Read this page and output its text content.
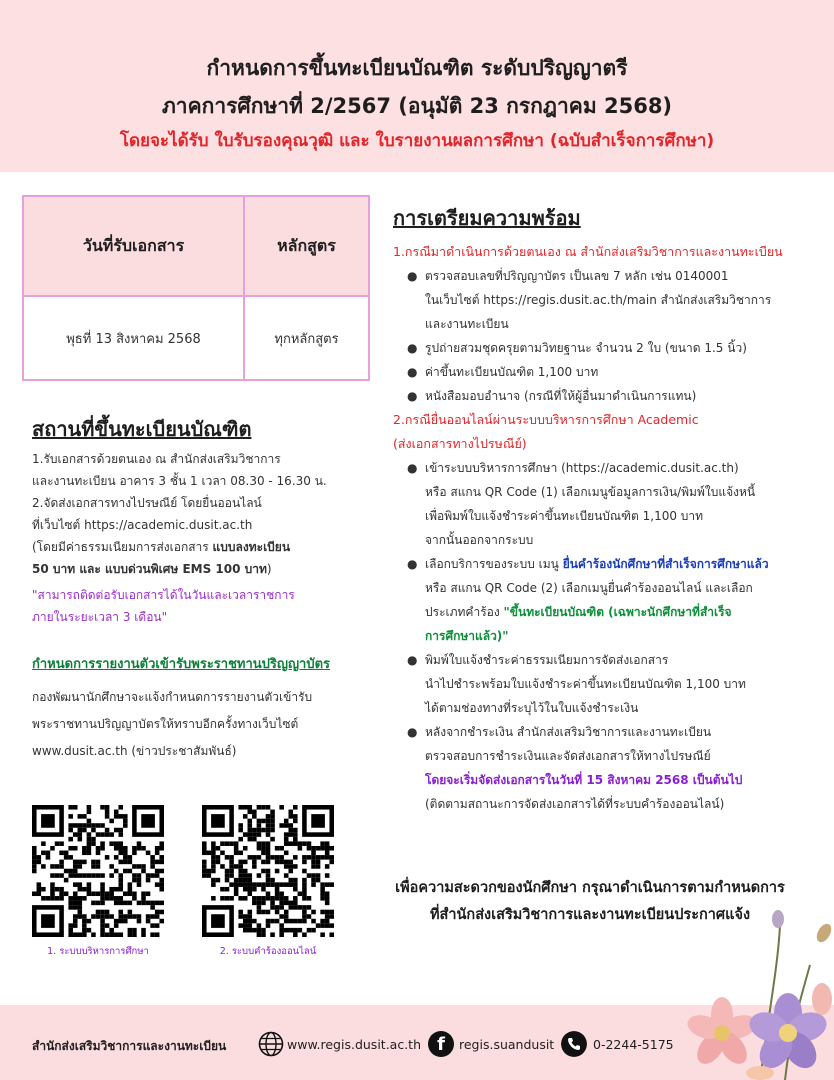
กำหนดการขึ้นทะเบียนบัณฑิต ระดับปริญญาตรี
ภาคการศึกษาที่ 2/2567 (อนุมัติ 23 กรกฎาคม 2568)
โดยจะได้รับ ใบรับรองคุณวุฒิ และ ใบรายงานผลการศึกษา (ฉบับสำเร็จการศึกษา)
วันที่รับเอกสาร	หลักสูตร
พุธที่ 13 สิงหาคม 2568	ทุกหลักสูตร
สถานที่ขึ้นทะเบียนบัณฑิต
1.รับเอกสารด้วยตนเอง ณ สำนักส่งเสริมวิชาการ
และงานทะเบียน อาคาร 3 ชั้น 1 เวลา 08.30 - 16.30 น.
2.จัดส่งเอกสารทางไปรษณีย์ โดยยื่นออนไลน์
ที่เว็บไซต์ https://academic.dusit.ac.th
(โดยมีค่าธรรมเนียมการส่งเอกสาร แบบลงทะเบียน
50 บาท และ แบบด่วนพิเศษ EMS 100 บาท)
"สามารถติดต่อรับเอกสารได้ในวันและเวลาราชการ
ภายในระยะเวลา 3 เดือน"
กำหนดการรายงานตัวเข้ารับพระราชทานปริญญาบัตร
กองพัฒนานักศึกษาจะแจ้งกำหนดการรายงานตัวเข้ารับ
พระราชทานปริญญาบัตรให้ทราบอีกครั้งทางเว็บไซต์
www.dusit.ac.th (ข่าวประชาสัมพันธ์)
การเตรียมความพร้อม
1.กรณีมาดำเนินการด้วยตนเอง ณ สำนักส่งเสริมวิชาการและงานทะเบียน
● ตรวจสอบเลขที่ปริญญาบัตร เป็นเลข 7 หลัก เช่น 0140001
ในเว็บไซต์ https://regis.dusit.ac.th/main สำนักส่งเสริมวิชาการ
และงานทะเบียน
● รูปถ่ายสวมชุดครุยตามวิทยฐานะ จำนวน 2 ใบ (ขนาด 1.5 นิ้ว)
● ค่าขึ้นทะเบียนบัณฑิต 1,100 บาท
● หนังสือมอบอำนาจ (กรณีที่ให้ผู้อื่นมาดำเนินการแทน)
2.กรณียื่นออนไลน์ผ่านระบบบริหารการศึกษา Academic
(ส่งเอกสารทางไปรษณีย์)
● เข้าระบบบริหารการศึกษา (https://academic.dusit.ac.th)
หรือ สแกน QR Code (1) เลือกเมนูข้อมูลการเงิน/พิมพ์ใบแจ้งหนี้
เพื่อพิมพ์ใบแจ้งชำระค่าขึ้นทะเบียนบัณฑิต 1,100 บาท
จากนั้นออกจากระบบ
● เลือกบริการของระบบ เมนู ยื่นคำร้องนักศึกษาที่สำเร็จการศึกษาแล้ว
หรือ สแกน QR Code (2) เลือกเมนูยื่นคำร้องออนไลน์ และเลือก
ประเภทคำร้อง "ขึ้นทะเบียนบัณฑิต (เฉพาะนักศึกษาที่สำเร็จ
การศึกษาแล้ว)"
● พิมพ์ใบแจ้งชำระค่าธรรมเนียมการจัดส่งเอกสาร
นำไปชำระพร้อมใบแจ้งชำระค่าขึ้นทะเบียนบัณฑิต 1,100 บาท
ได้ตามช่องทางที่ระบุไว้ในใบแจ้งชำระเงิน
● หลังจากชำระเงิน สำนักส่งเสริมวิชาการและงานทะเบียน
ตรวจสอบการชำระเงินและจัดส่งเอกสารให้ทางไปรษณีย์
โดยจะเริ่มจัดส่งเอกสารในวันที่ 15 สิงหาคม 2568 เป็นต้นไป
(ติดตามสถานะการจัดส่งเอกสารได้ที่ระบบคำร้องออนไลน์)
1. ระบบบริหารการศึกษา	2. ระบบคำร้องออนไลน์
เพื่อความสะดวกของนักศึกษา กรุณาดำเนินการตามกำหนดการ
ที่สำนักส่งเสริมวิชาการและงานทะเบียนประกาศแจ้ง
สำนักส่งเสริมวิชาการและงานทะเบียน	www.regis.dusit.ac.th f	regis.suandusit	0-2244-5175
